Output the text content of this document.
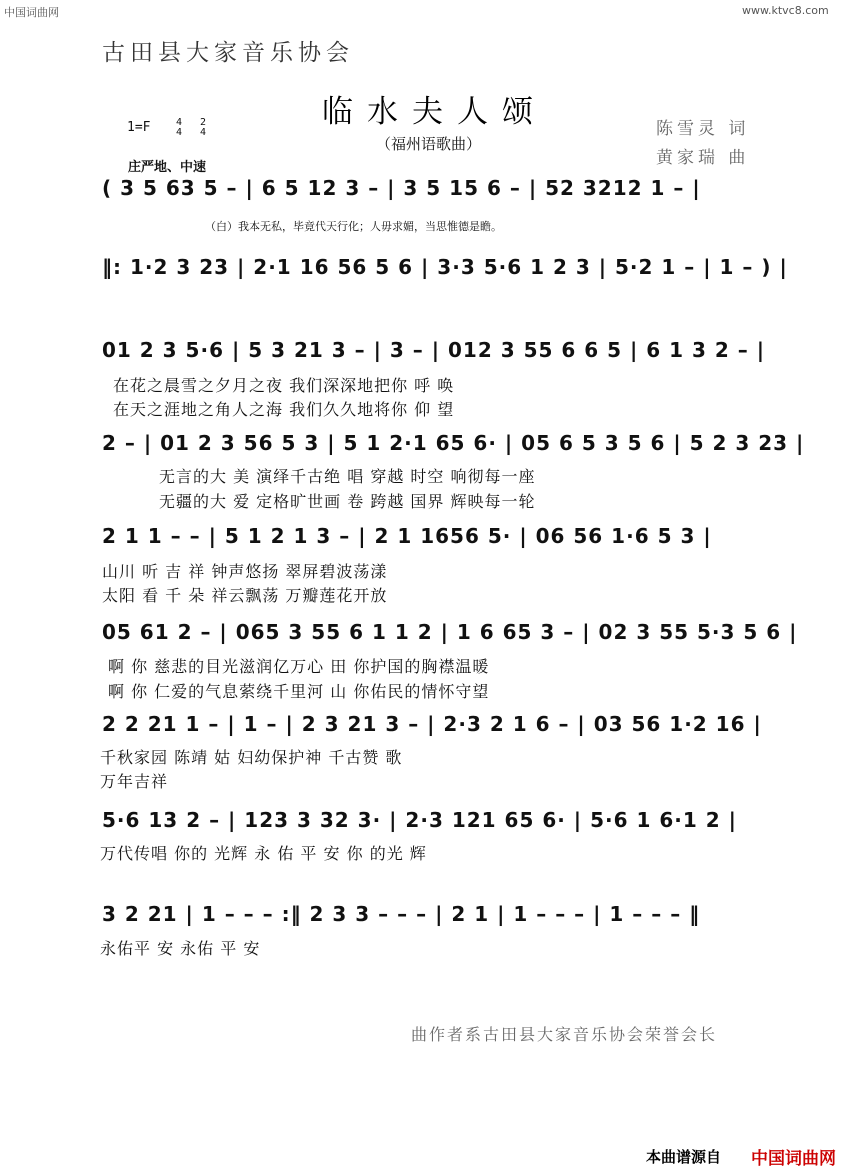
中国词曲网	www.ktvc8.com
古田县大家音乐协会
临水夫人颂
（福州语歌曲）
陈雪灵 词
黄家瑞 曲
1=F	4
4
2
4
庄严地、中速
( 3 5 63 5 – | 6 5 12 3 – | 3 5 15 6 – | 52 3212 1 – |
（白）我本无私，毕竟代天行化；人毋求媚，当思惟德是瞻。
‖: 1·2 3 23 | 2·1 16 56 5 6 | 3·3 5·6 1 2 3 | 5·2 1 – | 1 – ) |
01 2 3 5·6 | 5 3 21 3 – | 3 – | 012 3 55 6 6 5 | 6 1 3 2 – |
在花之晨雪之夕月之夜 我们深深地把你 呼 唤
在天之涯地之角人之海 我们久久地将你 仰 望
2 – | 01 2 3 56 5 3 | 5 1 2·1 65 6· | 05 6 5 3 5 6 | 5 2 3 23 |
无言的大 美 演绎千古绝 唱 穿越 时空 响彻每一座
无疆的大 爱 定格旷世画 卷 跨越 国界 辉映每一轮
2 1 1 – – | 5 1 2 1 3 – | 2 1 1656 5· | 06 56 1·6 5 3 |
山川 听 吉 祥 钟声悠扬 翠屏碧波荡漾
太阳 看 千 朵 祥云飘荡 万瓣莲花开放
05 61 2 – | 065 3 55 6 1 1 2 | 1 6 65 3 – | 02 3 55 5·3 5 6 |
啊 你 慈悲的目光滋润亿万心 田 你护国的胸襟温暖
啊 你 仁爱的气息萦绕千里河 山 你佑民的情怀守望
2 2 21 1 – | 1 – | 2 3 21 3 – | 2·3 2 1 6 – | 03 56 1·2 16 |
千秋家园 陈靖 姑 妇幼保护神 千古赞 歌
万年吉祥
5·6 13 2 – | 123 3 32 3· | 2·3 121 65 6· | 5·6 1 6·1 2 |
万代传唱 你的 光辉 永 佑 平 安 你 的光 辉
3 2 21 | 1 – – – :‖ 2 3 3 – – – | 2 1 | 1 – – – | 1 – – – ‖
永佑平 安 永佑 平 安
曲作者系古田县大家音乐协会荣誉会长
本曲谱源自 中国词曲网
